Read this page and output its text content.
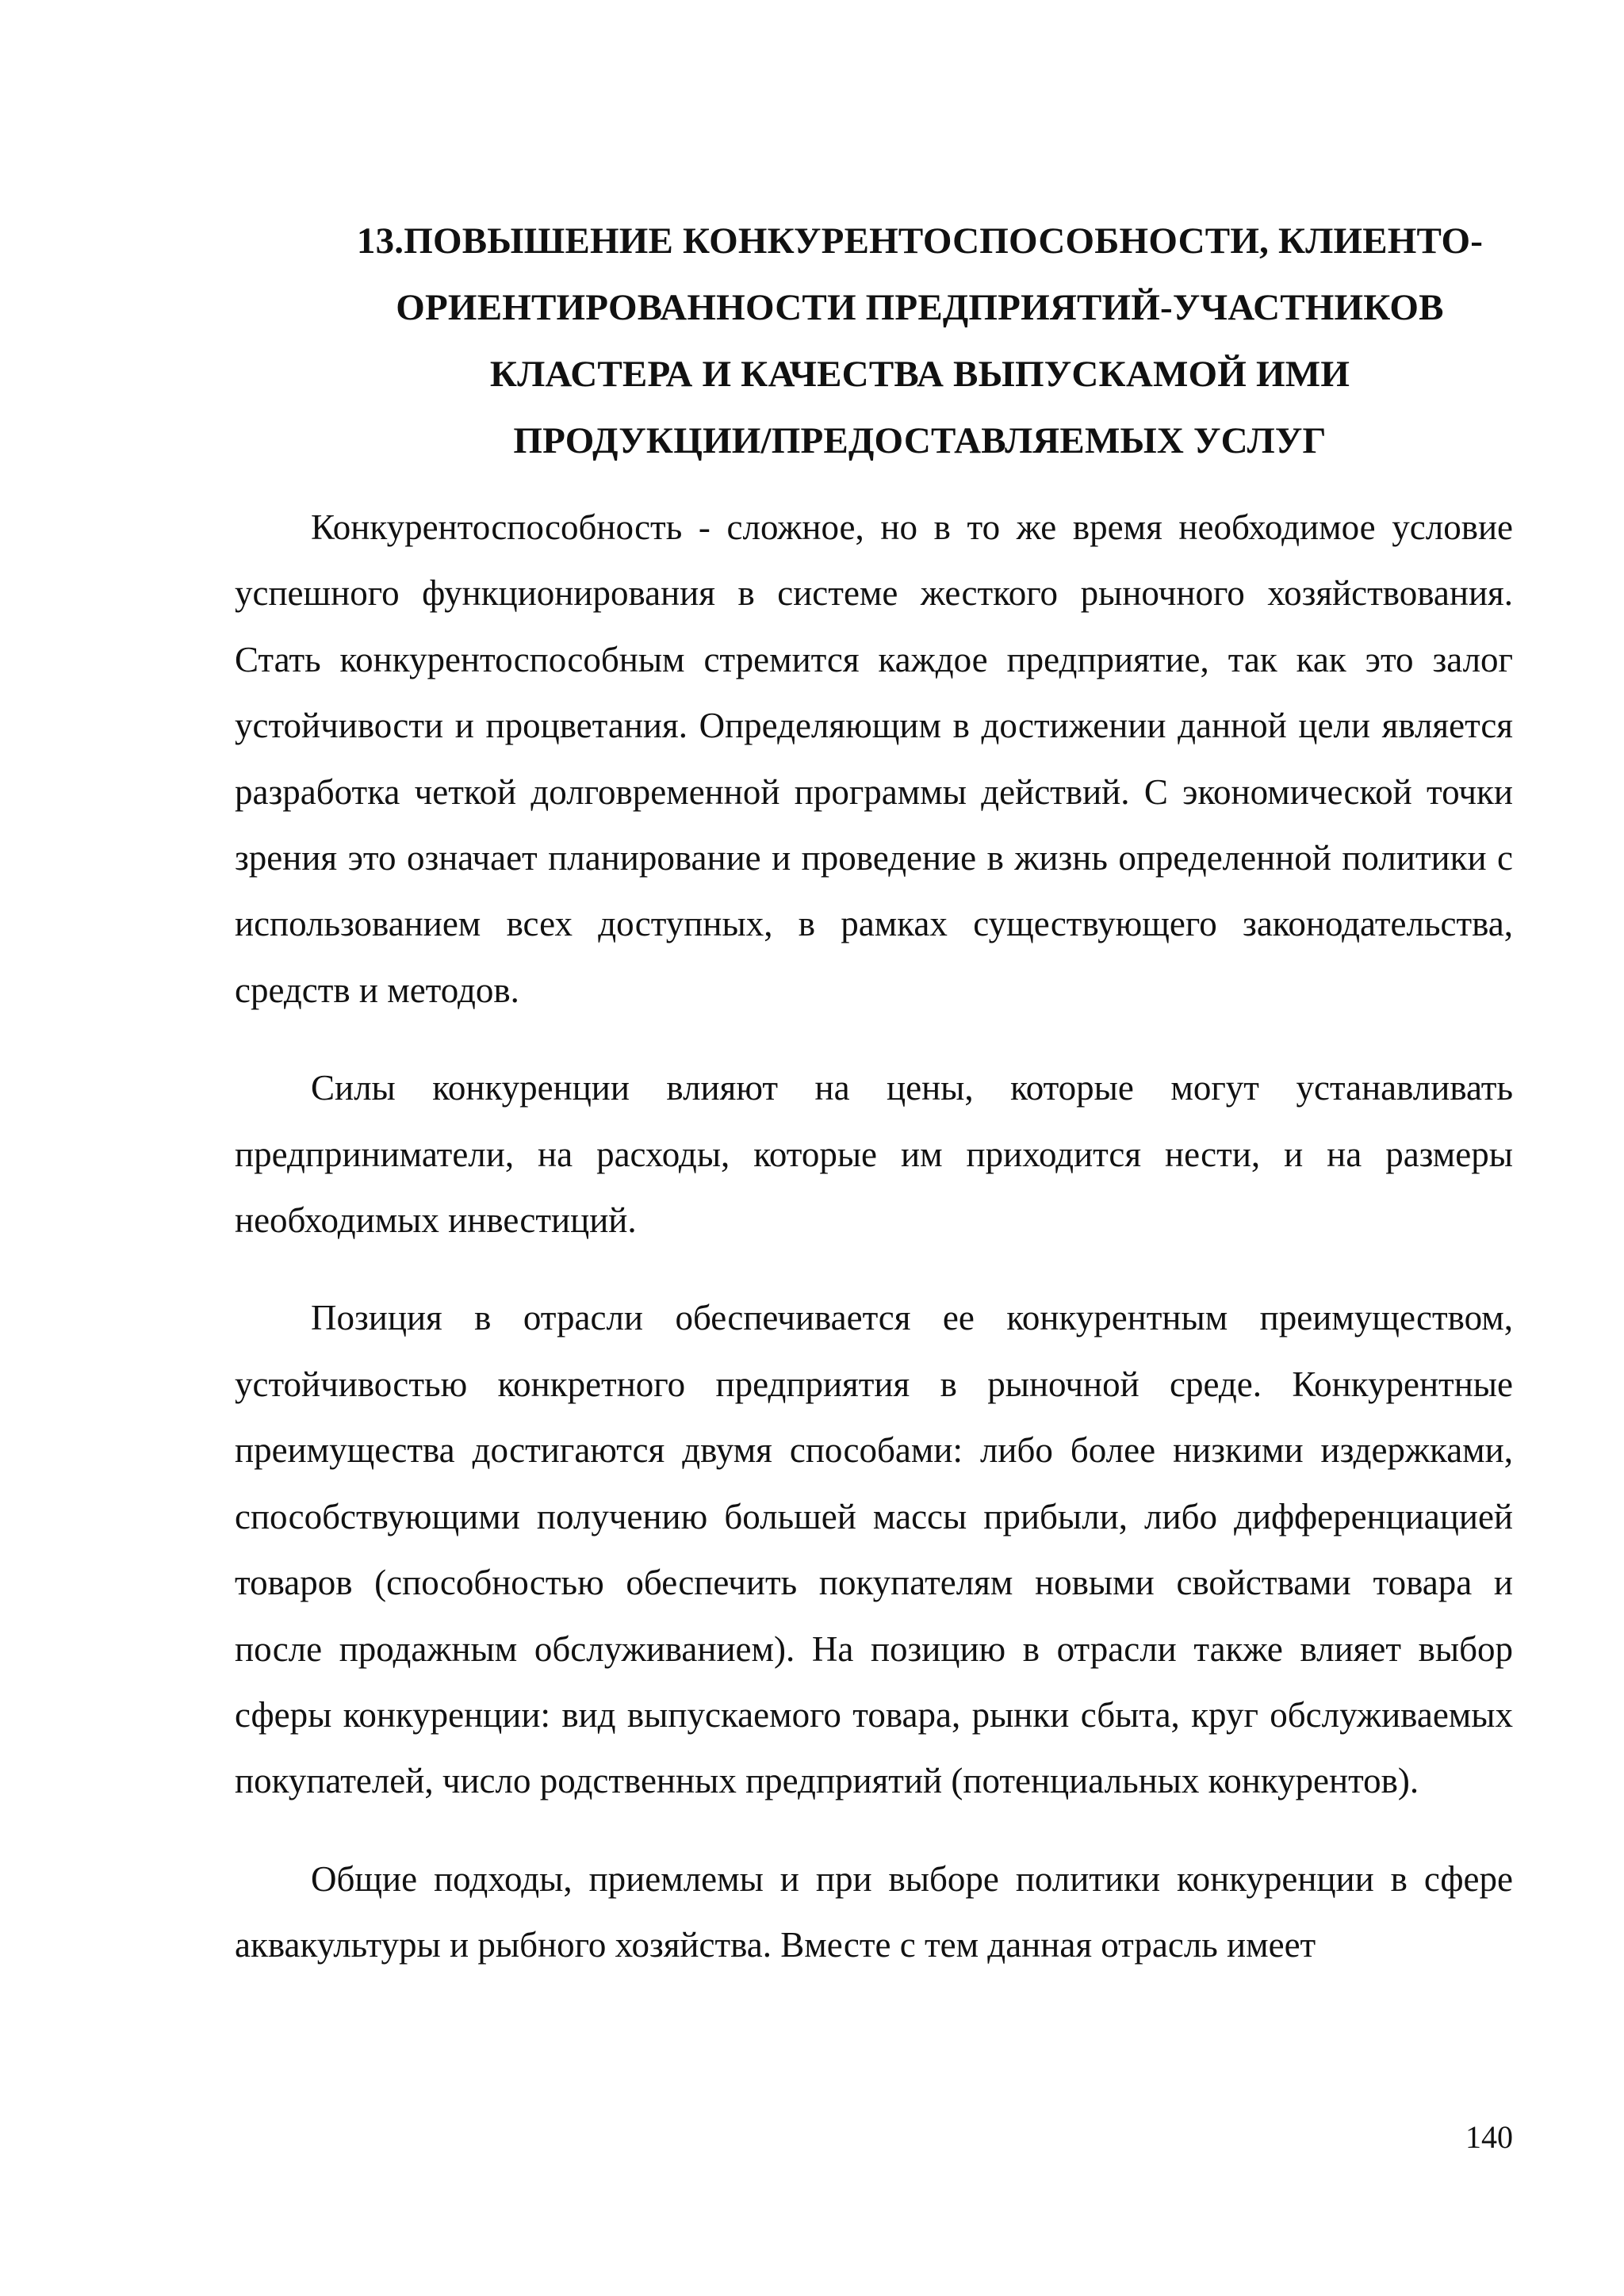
13.ПОВЫШЕНИЕ КОНКУРЕНТОСПОСОБНОСТИ, КЛИЕНТО-
ОРИЕНТИРОВАННОСТИ ПРЕДПРИЯТИЙ-УЧАСТНИКОВ
КЛАСТЕРА И КАЧЕСТВА ВЫПУСКАМОЙ ИМИ
ПРОДУКЦИИ/ПРЕДОСТАВЛЯЕМЫХ УСЛУГ

Конкурентоспособность - сложное, но в то же время необходимое условие успешного функционирования в системе жесткого рыночного хозяйствования. Стать конкурентоспособным стремится каждое предприятие, так как это залог устойчивости и процветания. Определяющим в достижении данной цели является разработка четкой долговременной программы действий. С экономической точки зрения это означает планирование и проведение в жизнь определенной политики с использованием всех доступных, в рамках существующего законодательства, средств и методов.

Силы конкуренции влияют на цены, которые могут устанавливать предприниматели, на расходы, которые им приходится нести, и на размеры необходимых инвестиций.

Позиция в отрасли обеспечивается ее конкурентным преимуществом, устойчивостью конкретного предприятия в рыночной среде. Конкурентные преимущества достигаются двумя способами: либо более низкими издержками, способствующими получению большей массы прибыли, либо дифференциацией товаров (способностью обеспечить покупателям новыми свойствами товара и после продажным обслуживанием). На позицию в отрасли также влияет выбор сферы конкуренции: вид выпускаемого товара, рынки сбыта, круг обслуживаемых покупателей, число родственных предприятий (потенциальных конкурентов).

Общие подходы, приемлемы и при выборе политики конкуренции в сфере аквакультуры и рыбного хозяйства. Вместе с тем данная отрасль имеет

140
